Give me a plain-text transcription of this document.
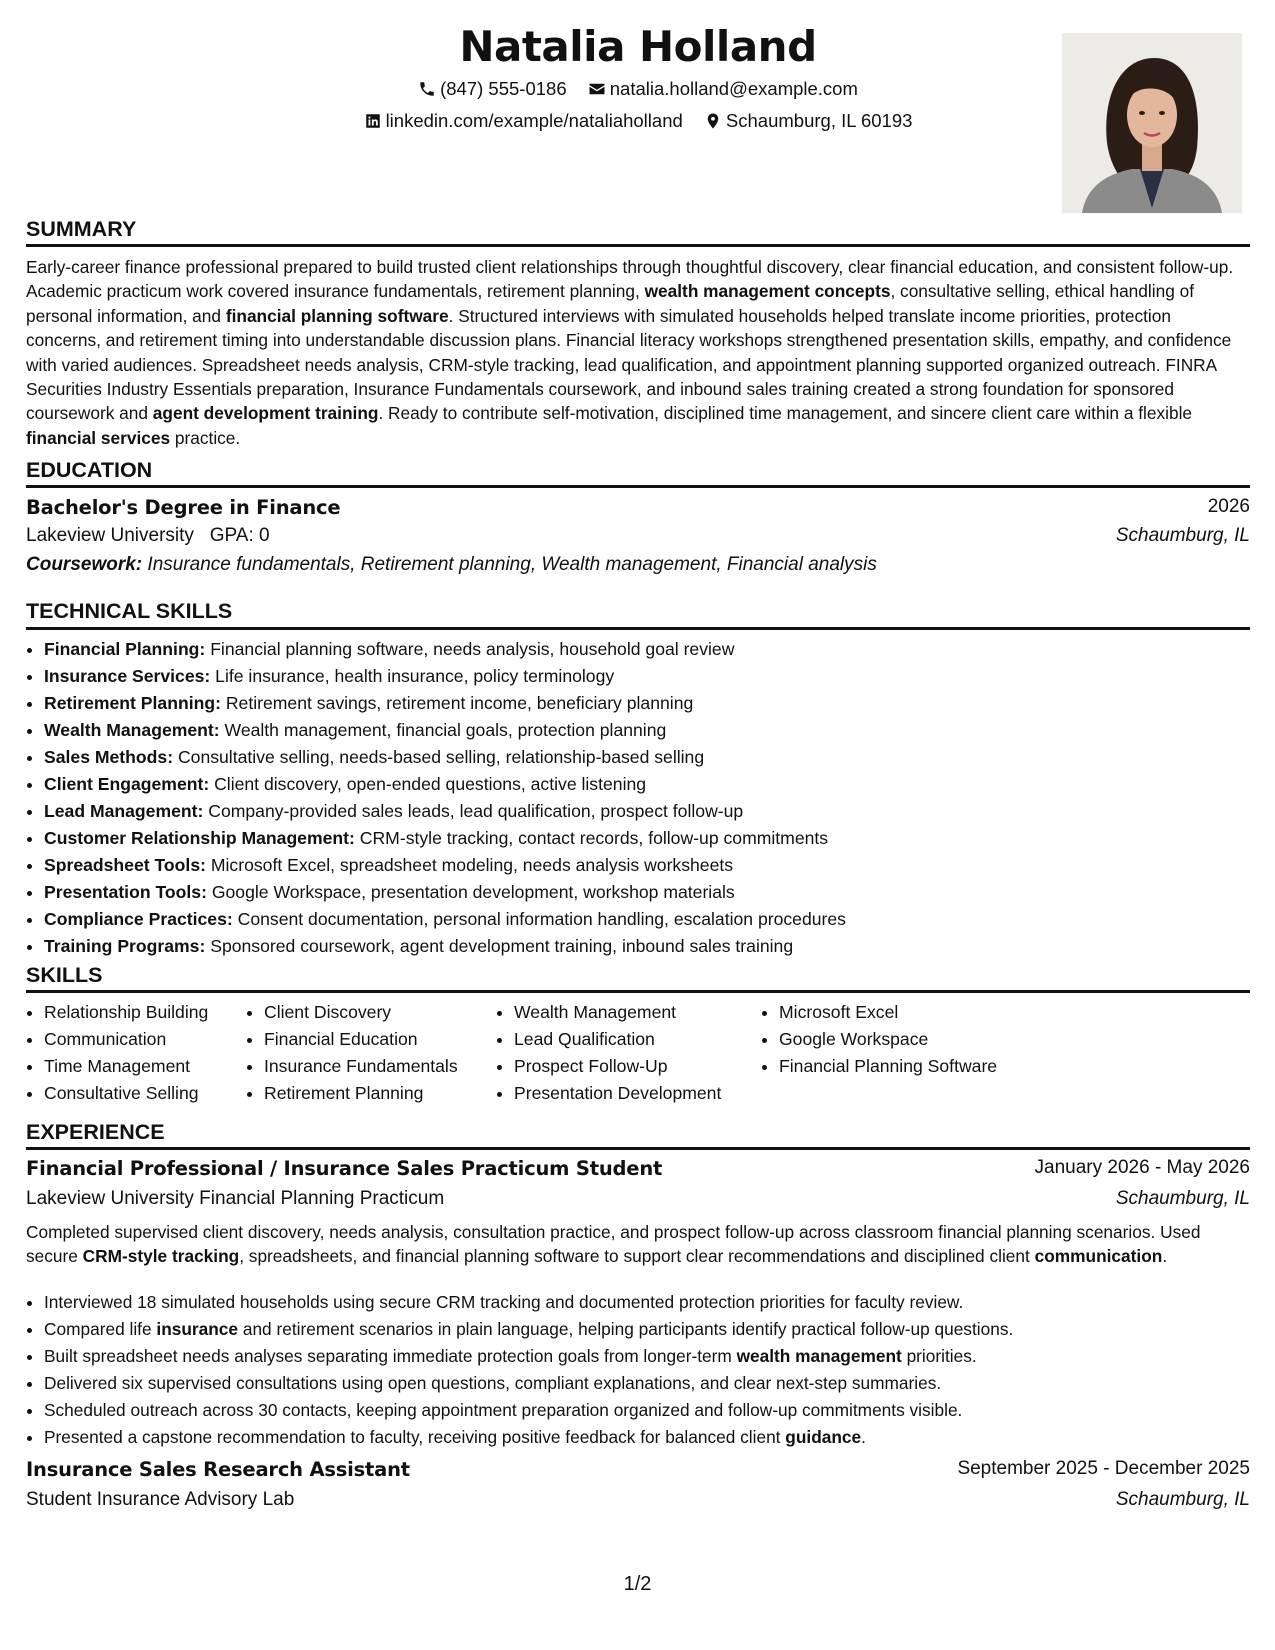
Natalia Holland
(847) 555-0186
natalia.holland@example.com
linkedin.com/example/nataliaholland
Schaumburg, IL 60193
SUMMARY
Early-career finance professional prepared to build trusted client relationships through thoughtful discovery, clear financial education, and consistent follow-up. Academic practicum work covered insurance fundamentals, retirement planning, wealth management concepts, consultative selling, ethical handling of personal information, and financial planning software. Structured interviews with simulated households helped translate income priorities, protection concerns, and retirement timing into understandable discussion plans. Financial literacy workshops strengthened presentation skills, empathy, and confidence with varied audiences. Spreadsheet needs analysis, CRM-style tracking, lead qualification, and appointment planning supported organized outreach. FINRA Securities Industry Essentials preparation, Insurance Fundamentals coursework, and inbound sales training created a strong foundation for sponsored coursework and agent development training. Ready to contribute self-motivation, disciplined time management, and sincere client care within a flexible financial services practice.
EDUCATION
Bachelor's Degree in Finance	2026
Lakeview University GPA: 0	Schaumburg, IL
Coursework: Insurance fundamentals, Retirement planning, Wealth management, Financial analysis
TECHNICAL SKILLS
• Financial Planning: Financial planning software, needs analysis, household goal review
• Insurance Services: Life insurance, health insurance, policy terminology
• Retirement Planning: Retirement savings, retirement income, beneficiary planning
• Wealth Management: Wealth management, financial goals, protection planning
• Sales Methods: Consultative selling, needs-based selling, relationship-based selling
• Client Engagement: Client discovery, open-ended questions, active listening
• Lead Management: Company-provided sales leads, lead qualification, prospect follow-up
• Customer Relationship Management: CRM-style tracking, contact records, follow-up commitments
• Spreadsheet Tools: Microsoft Excel, spreadsheet modeling, needs analysis worksheets
• Presentation Tools: Google Workspace, presentation development, workshop materials
• Compliance Practices: Consent documentation, personal information handling, escalation procedures
• Training Programs: Sponsored coursework, agent development training, inbound sales training
SKILLS
• Relationship Building
• Communication
• Time Management
• Consultative Selling
• Client Discovery
• Financial Education
• Insurance Fundamentals
• Retirement Planning
• Wealth Management
• Lead Qualification
• Prospect Follow-Up
• Presentation Development
• Microsoft Excel
• Google Workspace
• Financial Planning Software
EXPERIENCE
Financial Professional / Insurance Sales Practicum Student	January 2026 - May 2026
Lakeview University Financial Planning Practicum	Schaumburg, IL
Completed supervised client discovery, needs analysis, consultation practice, and prospect follow-up across classroom financial planning scenarios. Used secure CRM-style tracking, spreadsheets, and financial planning software to support clear recommendations and disciplined client communication.
• Interviewed 18 simulated households using secure CRM tracking and documented protection priorities for faculty review.
• Compared life insurance and retirement scenarios in plain language, helping participants identify practical follow-up questions.
• Built spreadsheet needs analyses separating immediate protection goals from longer-term wealth management priorities.
• Delivered six supervised consultations using open questions, compliant explanations, and clear next-step summaries.
• Scheduled outreach across 30 contacts, keeping appointment preparation organized and follow-up commitments visible.
• Presented a capstone recommendation to faculty, receiving positive feedback for balanced client guidance.
Insurance Sales Research Assistant	September 2025 - December 2025
Student Insurance Advisory Lab	Schaumburg, IL
1/2
